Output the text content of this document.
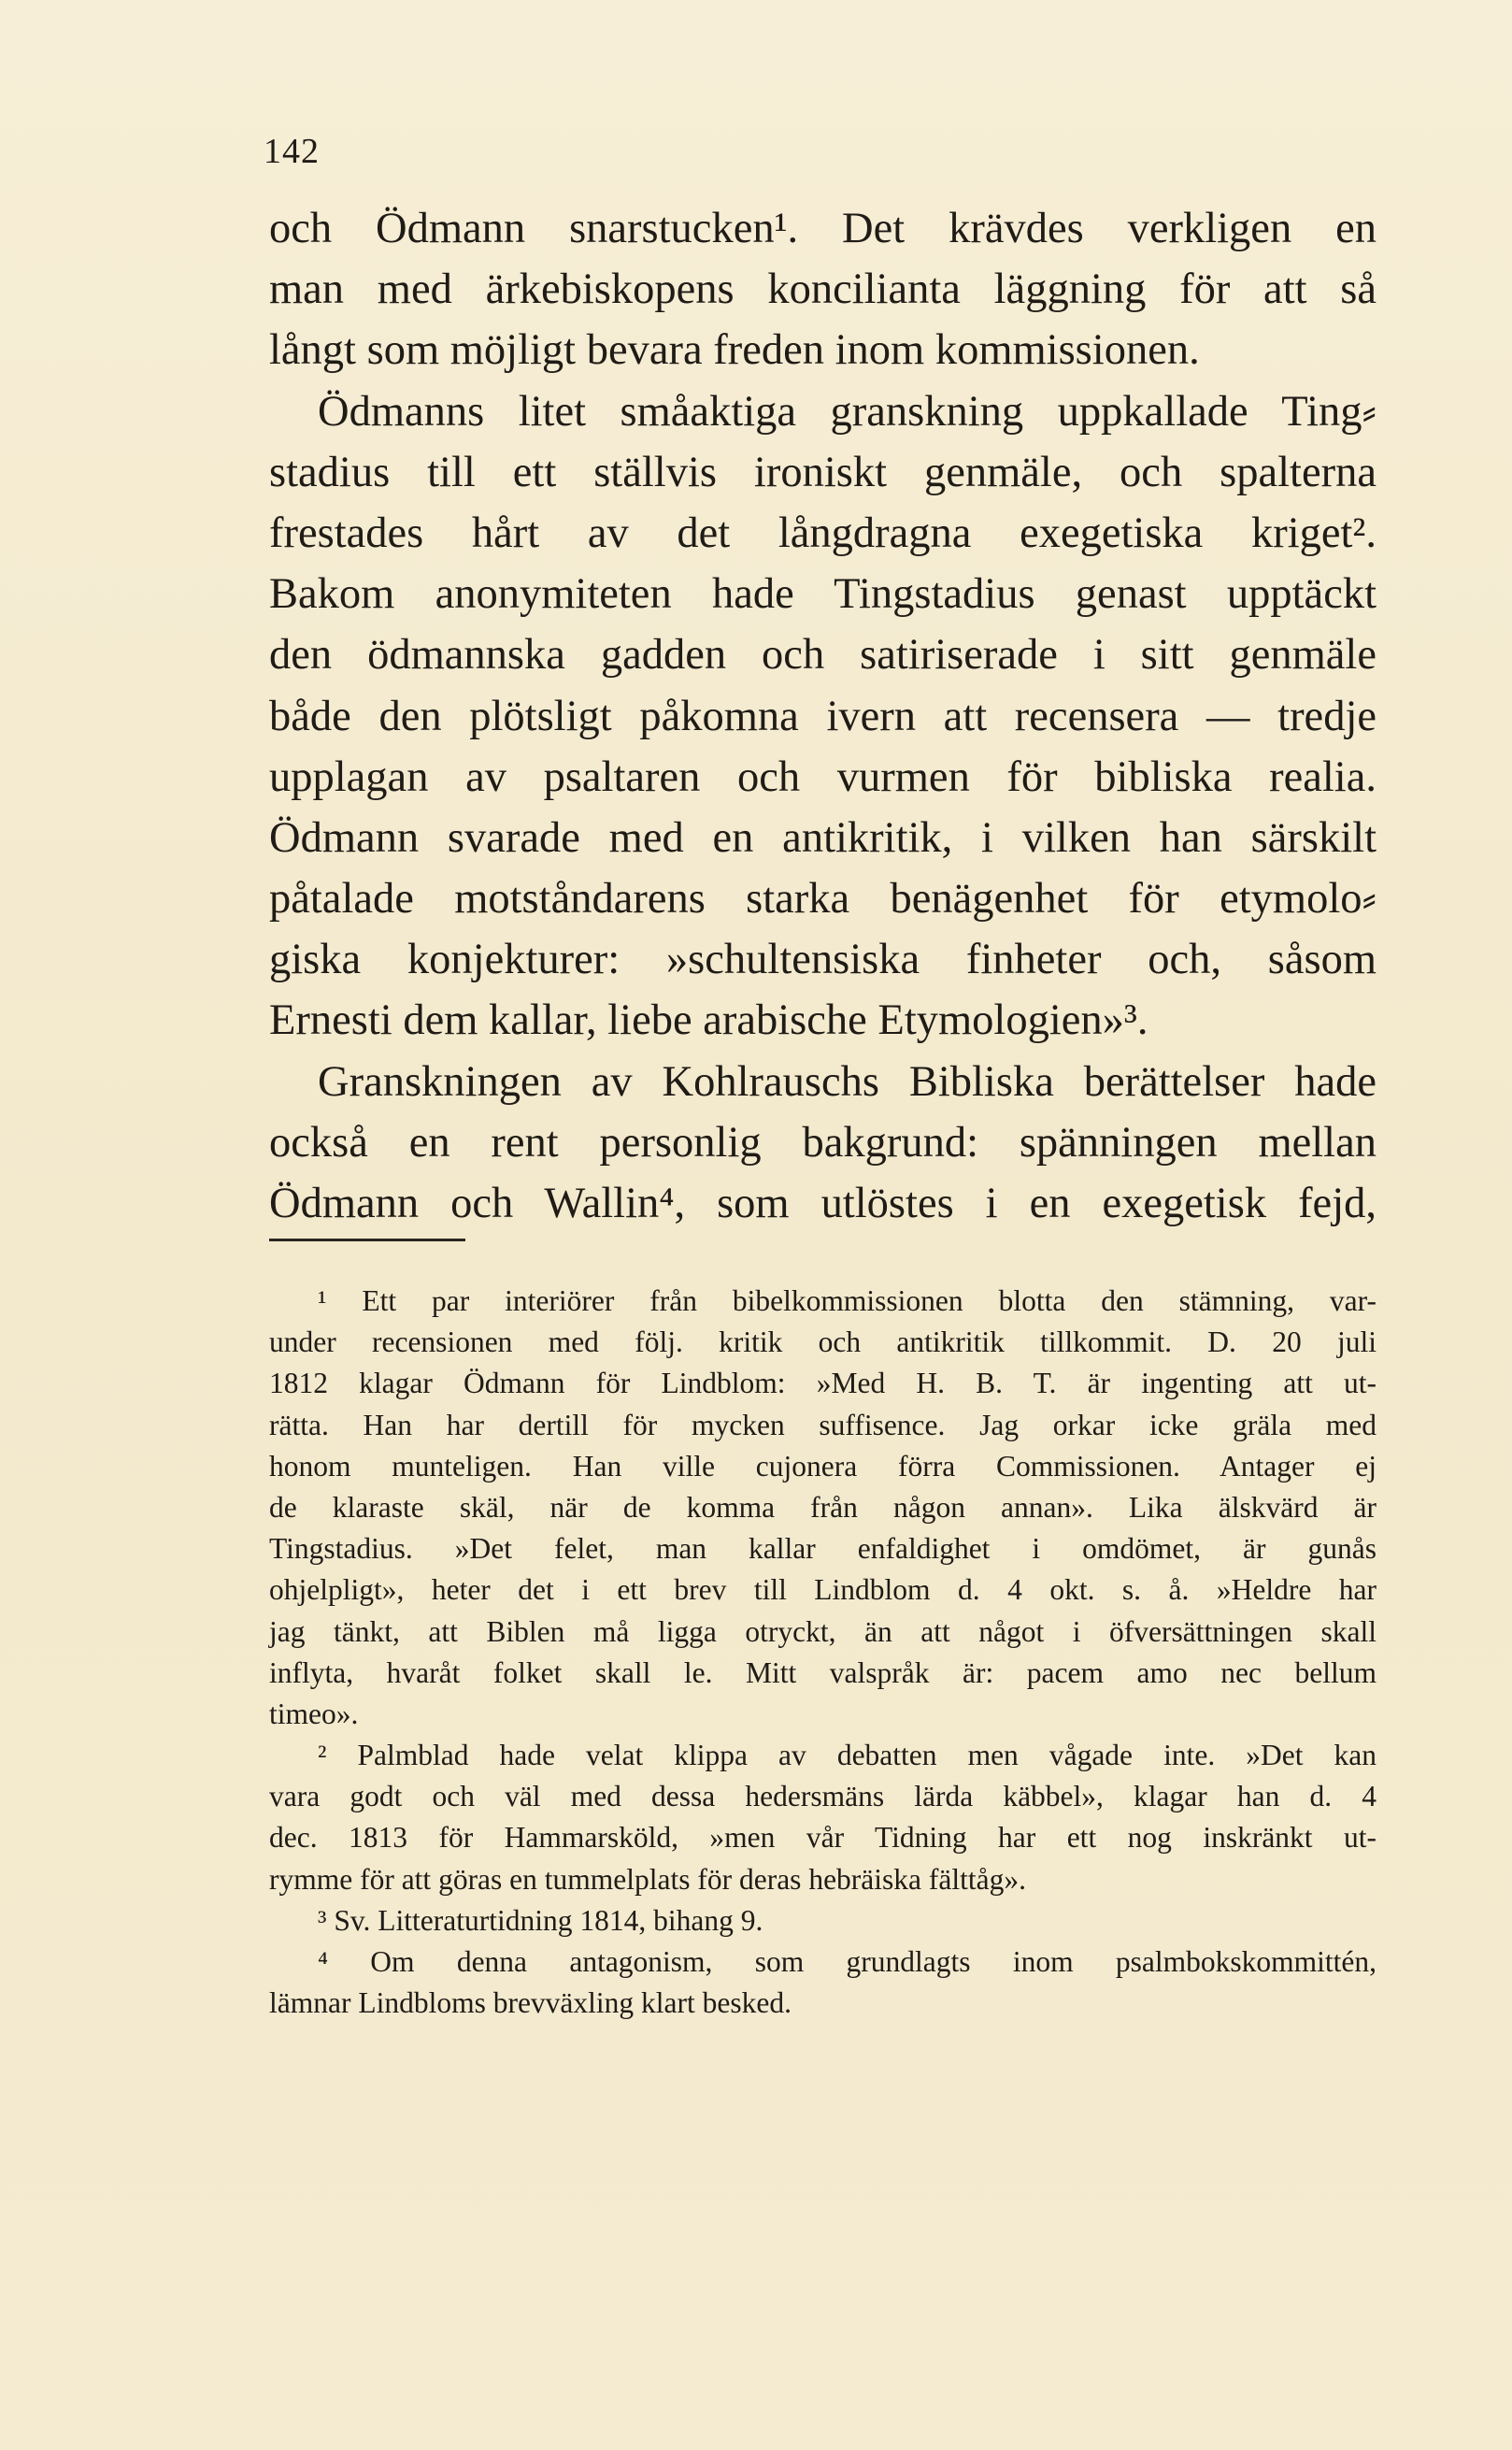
142
och Ödmann snarstucken¹. Det krävdes verkligen en
man med ärkebiskopens koncilianta läggning för att så
långt som möjligt bevara freden inom kommissionen.
Ödmanns litet småaktiga granskning uppkallade Ting⸗
stadius till ett ställvis ironiskt genmäle, och spalterna
frestades hårt av det långdragna exegetiska kriget².
Bakom anonymiteten hade Tingstadius genast upptäckt
den ödmannska gadden och satiriserade i sitt genmäle
både den plötsligt påkomna ivern att recensera — tredje
upplagan av psaltaren och vurmen för bibliska realia.
Ödmann svarade med en antikritik, i vilken han särskilt
påtalade motståndarens starka benägenhet för etymolo⸗
giska konjekturer: »schultensiska finheter och, såsom
Ernesti dem kallar, liebe arabische Etymologien»³.
Granskningen av Kohlrauschs Bibliska berättelser hade
också en rent personlig bakgrund: spänningen mellan
Ödmann och Wallin⁴, som utlöstes i en exegetisk fejd,
¹ Ett par interiörer från bibelkommissionen blotta den stämning, var-
under recensionen med följ. kritik och antikritik tillkommit. D. 20 juli
1812 klagar Ödmann för Lindblom: »Med H. B. T. är ingenting att ut-
rätta. Han har dertill för mycken suffisence. Jag orkar icke gräla med
honom munteligen. Han ville cujonera förra Commissionen. Antager ej
de klaraste skäl, när de komma från någon annan». Lika älskvärd är
Tingstadius. »Det felet, man kallar enfaldighet i omdömet, är gunås
ohjelpligt», heter det i ett brev till Lindblom d. 4 okt. s. å. »Heldre har
jag tänkt, att Biblen må ligga otryckt, än att något i öfversättningen skall
inflyta, hvaråt folket skall le. Mitt valspråk är: pacem amo nec bellum
timeo».
² Palmblad hade velat klippa av debatten men vågade inte. »Det kan
vara godt och väl med dessa hedersmäns lärda käbbel», klagar han d. 4
dec. 1813 för Hammarsköld, »men vår Tidning har ett nog inskränkt ut-
rymme för att göras en tummelplats för deras hebräiska fälttåg».
³ Sv. Litteraturtidning 1814, bihang 9.
⁴ Om denna antagonism, som grundlagts inom psalmbokskommittén,
lämnar Lindbloms brevväxling klart besked.
